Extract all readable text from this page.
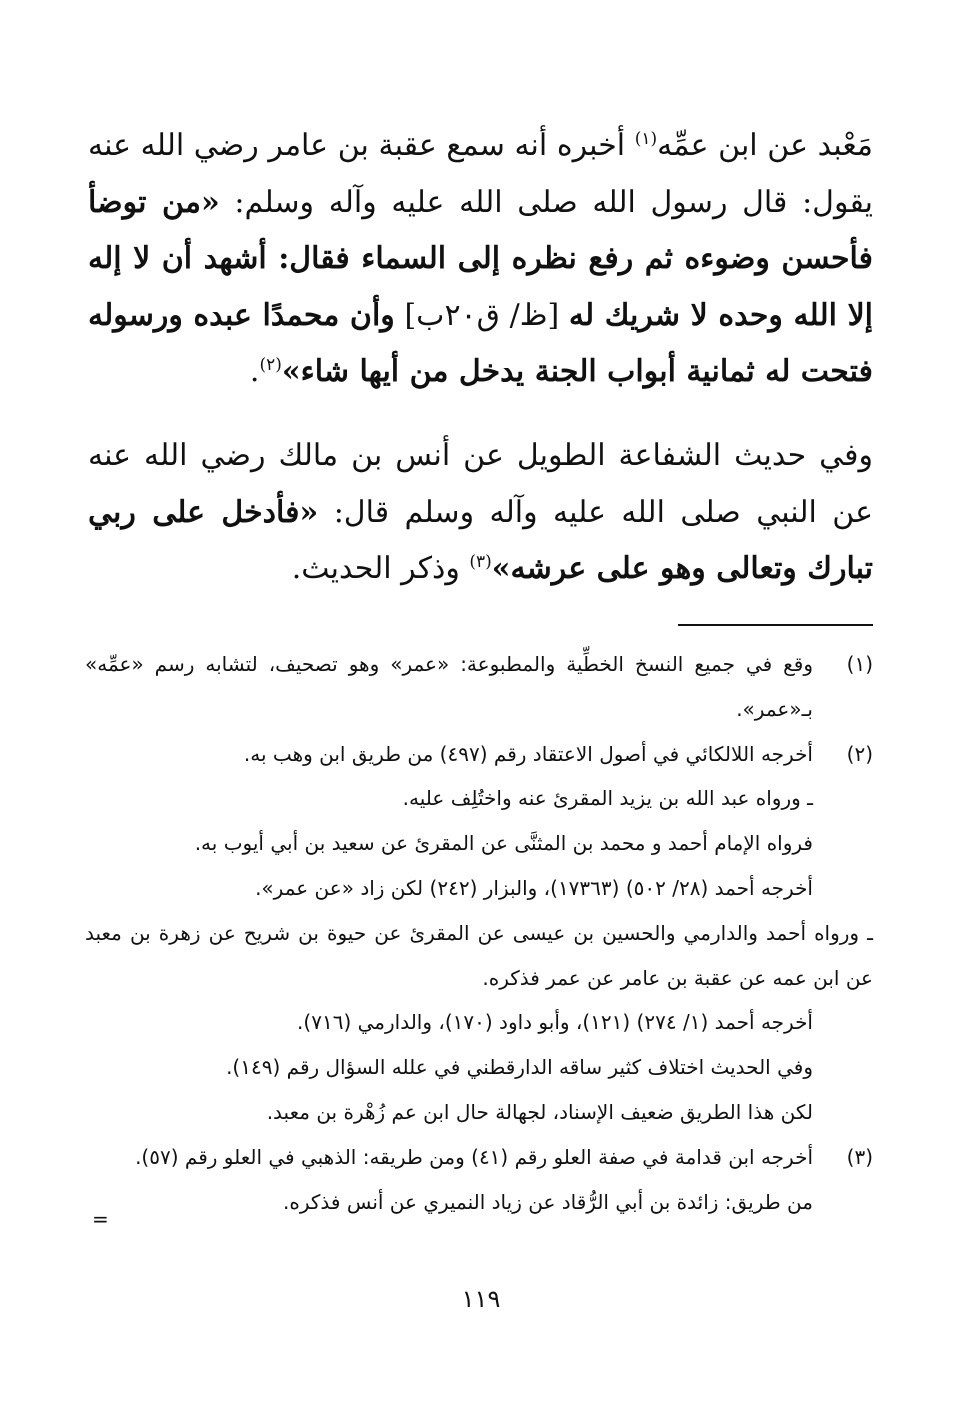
مَعْبد عن ابن عمِّه$^{(١)}$ أخبره أنه سمع عقبة بن عامر رضي الله عنه يقول: قال رسول الله صلى الله عليه وآله وسلم: «من توضأ فأحسن وضوءه ثم رفع نظره إلى السماء فقال: أشهد أن لا إله إلا الله وحده لا شريك له [ظ/ ق٢٠ب] وأن محمدًا عبده ورسوله فتحت له ثمانية أبواب الجنة يدخل من أيها شاء»$^{(٢)}$.
وفي حديث الشفاعة الطويل عن أنس بن مالك رضي الله عنه عن النبي صلى الله عليه وآله وسلم قال: «فأدخل على ربي تبارك وتعالى وهو على عرشه»$^{(٣)}$ وذكر الحديث.
(١)
وقع في جميع النسخ الخطِّية والمطبوعة: «عمر» وهو تصحيف، لتشابه رسم «عمِّه» بـ«عمر».
(٢)
أخرجه اللالكائي في أصول الاعتقاد رقم (٤٩٧) من طريق ابن وهب به.
ـ ورواه عبد الله بن يزيد المقرئ عنه واختُلِف عليه.
فرواه الإمام أحمد و محمد بن المثنَّى عن المقرئ عن سعيد بن أبي أيوب به.
أخرجه أحمد (٢٨/ ٥٠٢) (١٧٣٦٣)، والبزار (٢٤٢) لكن زاد «عن عمر».
ـ ورواه أحمد والدارمي والحسين بن عيسى عن المقرئ عن حيوة بن شريح عن زهرة بن معبد عن ابن عمه عن عقبة بن عامر عن عمر فذكره.
أخرجه أحمد (١/ ٢٧٤) (١٢١)، وأبو داود (١٧٠)، والدارمي (٧١٦).
وفي الحديث اختلاف كثير ساقه الدارقطني في علله السؤال رقم (١٤٩).
لكن هذا الطريق ضعيف الإسناد، لجهالة حال ابن عم زُهْرة بن معبد.
(٣)
أخرجه ابن قدامة في صفة العلو رقم (٤١) ومن طريقه: الذهبي في العلو رقم (٥٧).
من طريق: زائدة بن أبي الرُّقاد عن زياد النميري عن أنس فذكره.
=
١١٩
